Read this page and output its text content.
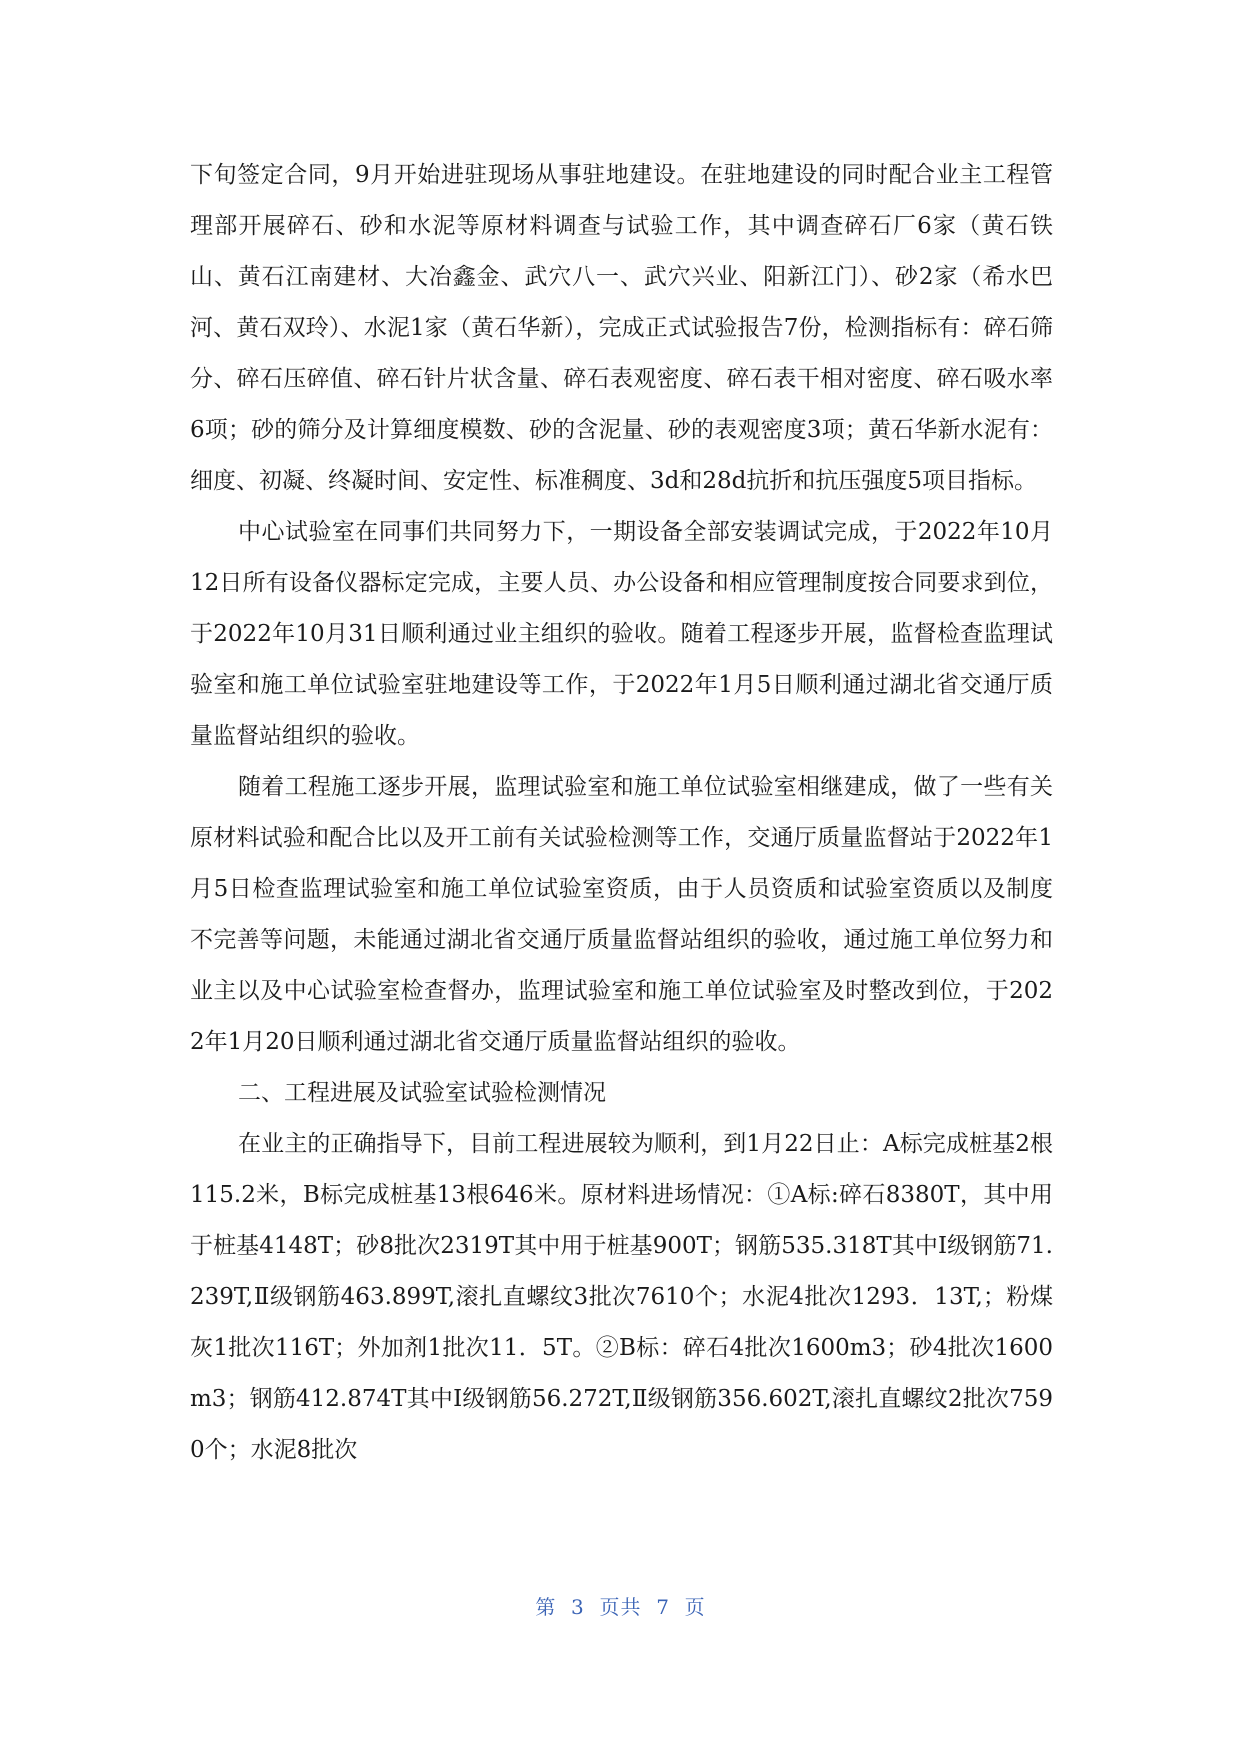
下旬签定合同，9月开始进驻现场从事驻地建设。在驻地建设的同时配合业主工程管理部开展碎石、砂和水泥等原材料调查与试验工作，其中调查碎石厂6家（黄石铁山、黄石江南建材、大冶鑫金、武穴八一、武穴兴业、阳新江门）、砂2家（希水巴河、黄石双玲）、水泥1家（黄石华新），完成正式试验报告7份，检测指标有：碎石筛分、碎石压碎值、碎石针片状含量、碎石表观密度、碎石表干相对密度、碎石吸水率6项；砂的筛分及计算细度模数、砂的含泥量、砂的表观密度3项；黄石华新水泥有：细度、初凝、终凝时间、安定性、标准稠度、3d和28d抗折和抗压强度5项目指标。

中心试验室在同事们共同努力下，一期设备全部安装调试完成，于2022年10月12日所有设备仪器标定完成，主要人员、办公设备和相应管理制度按合同要求到位，于2022年10月31日顺利通过业主组织的验收。随着工程逐步开展，监督检查监理试验室和施工单位试验室驻地建设等工作，于2022年1月5日顺利通过湖北省交通厅质量监督站组织的验收。

随着工程施工逐步开展，监理试验室和施工单位试验室相继建成，做了一些有关原材料试验和配合比以及开工前有关试验检测等工作，交通厅质量监督站于2022年1月5日检查监理试验室和施工单位试验室资质，由于人员资质和试验室资质以及制度不完善等问题，未能通过湖北省交通厅质量监督站组织的验收，通过施工单位努力和业主以及中心试验室检查督办，监理试验室和施工单位试验室及时整改到位，于2022年1月20日顺利通过湖北省交通厅质量监督站组织的验收。

二、工程进展及试验室试验检测情况

在业主的正确指导下，目前工程进展较为顺利，到1月22日止：A标完成桩基2根115.2米，B标完成桩基13根646米。原材料进场情况：①A标:碎石8380T，其中用于桩基4148T；砂8批次2319T其中用于桩基900T；钢筋535.318T其中Ⅰ级钢筋71.239T,Ⅱ级钢筋463.899T,滚扎直螺纹3批次7610个；水泥4批次1293．13T,；粉煤灰1批次116T；外加剂1批次11．5T。②B标：碎石4批次1600m3；砂4批次1600m3；钢筋412.874T其中Ⅰ级钢筋56.272T,Ⅱ级钢筋356.602T,滚扎直螺纹2批次7590个；水泥8批次

第  3  页共  7  页
